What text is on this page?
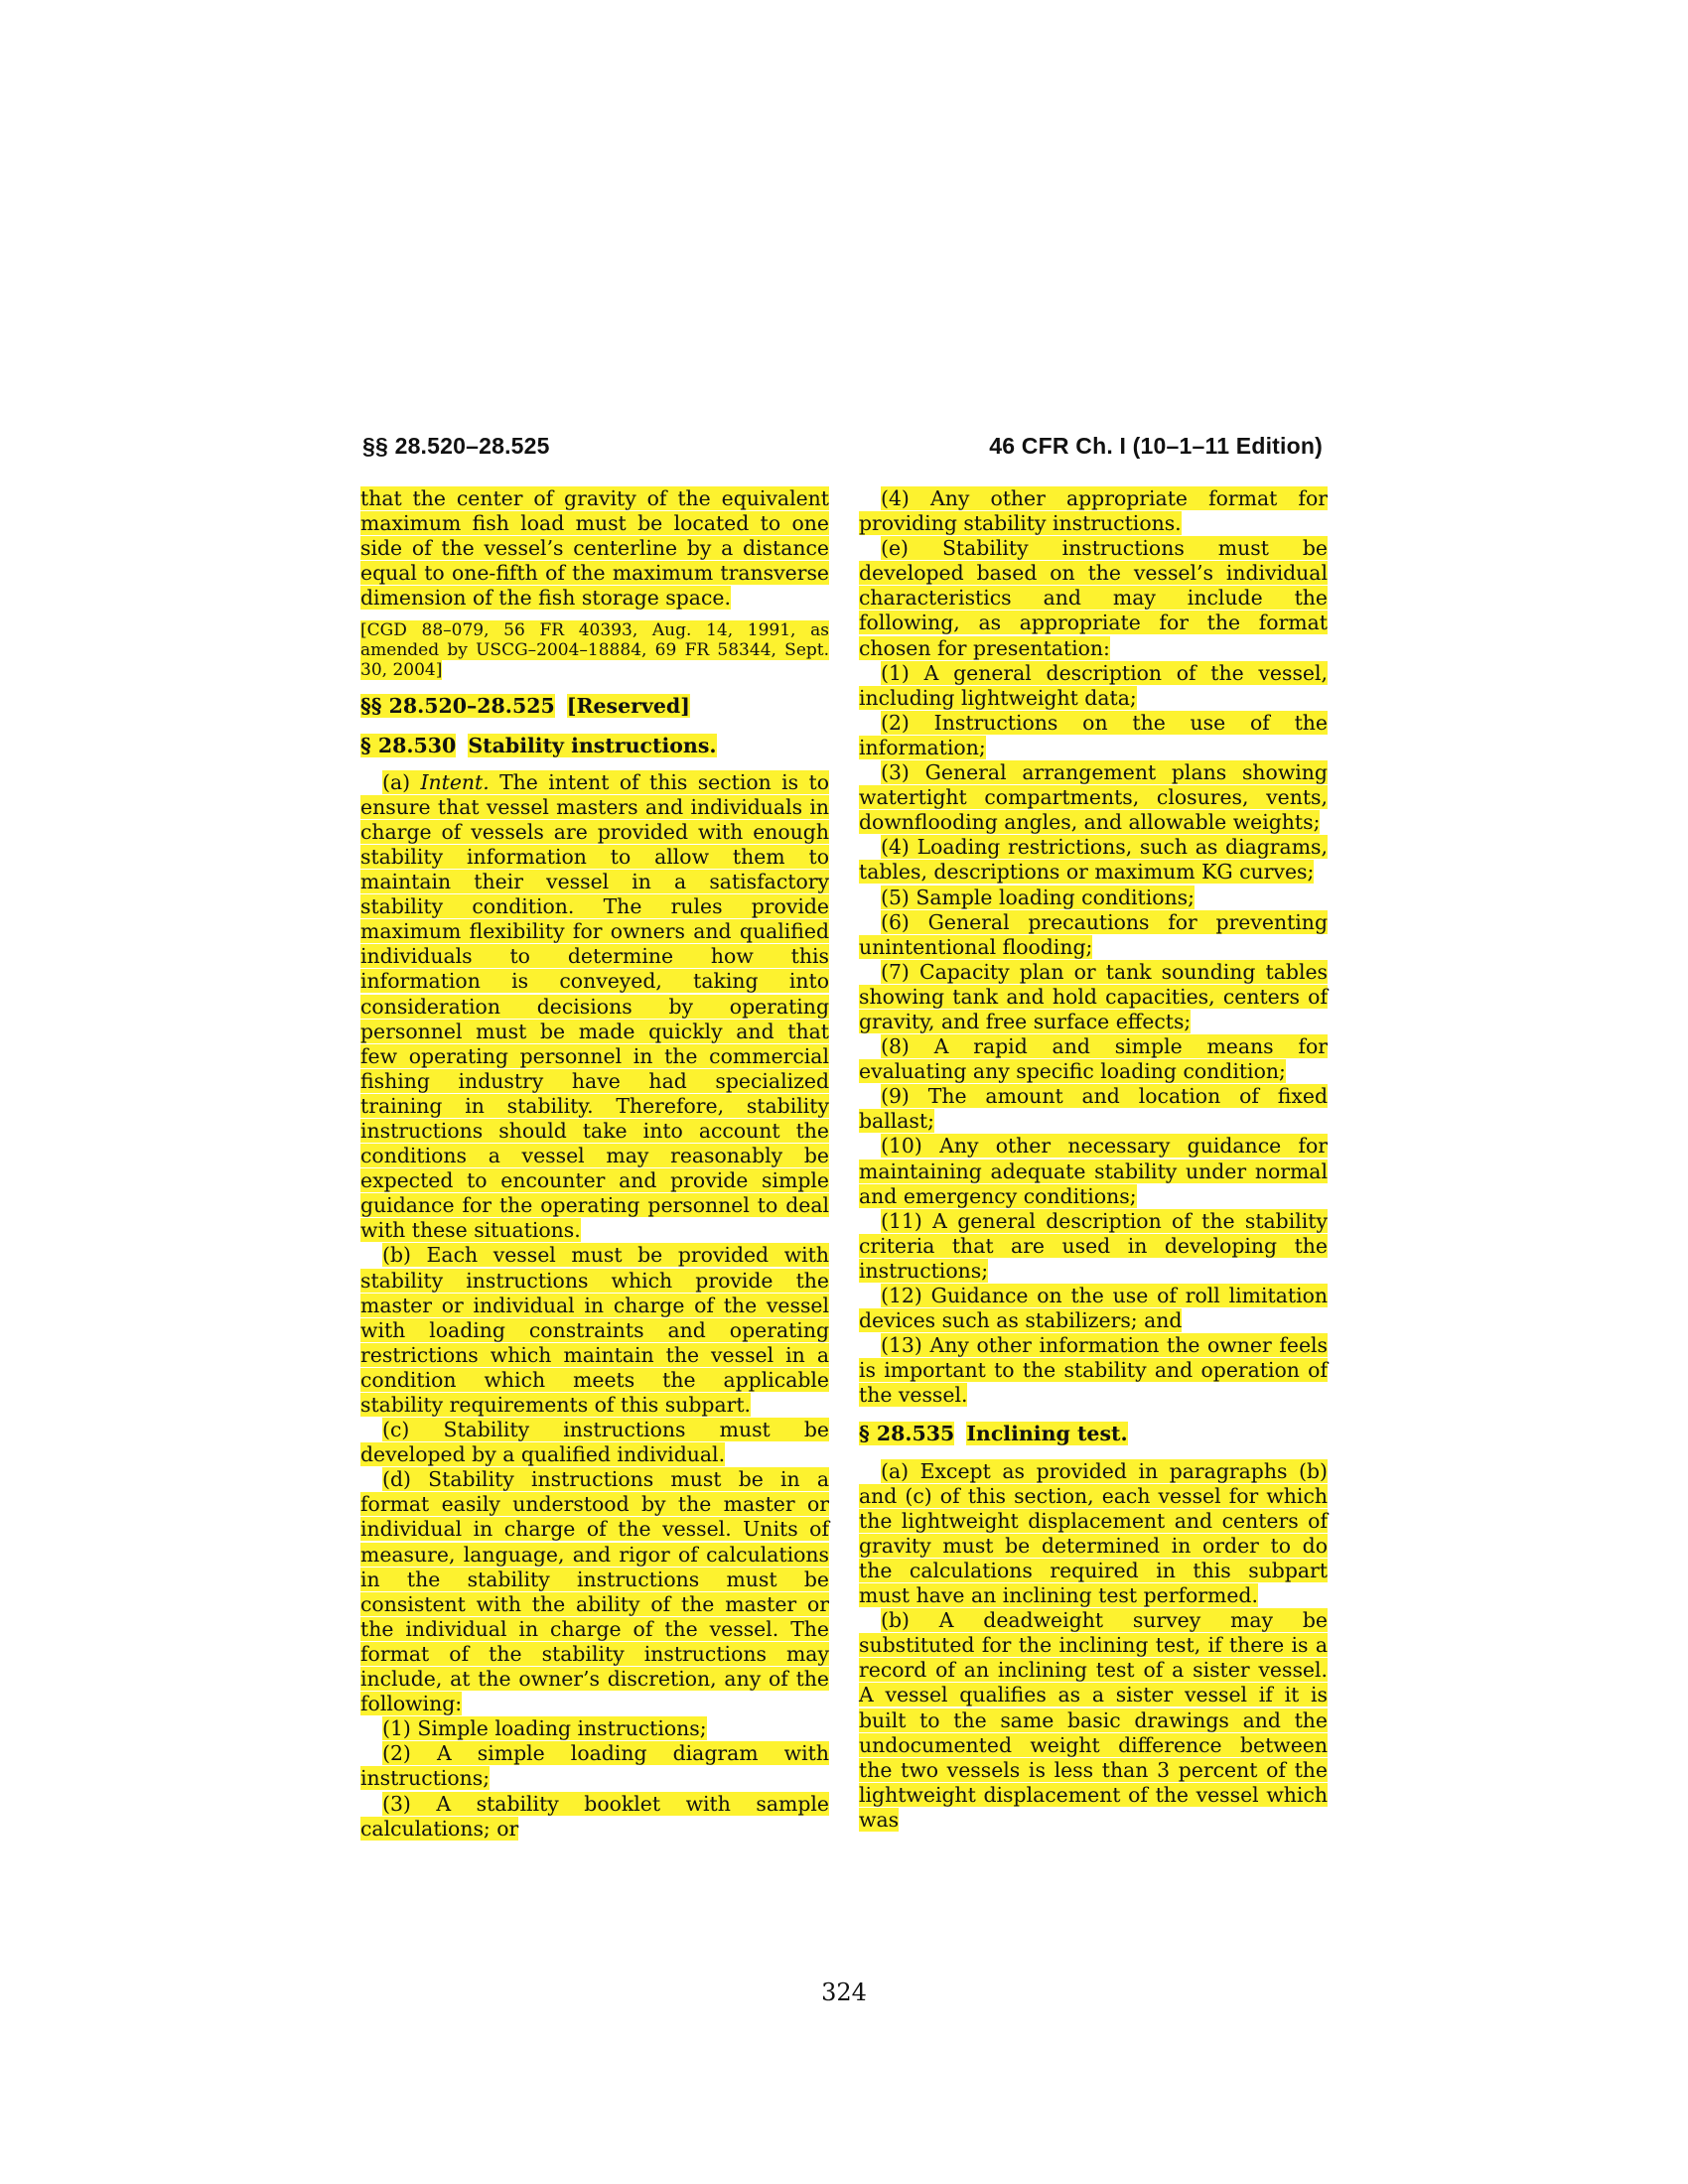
§§ 28.520–28.525	46 CFR Ch. I (10–1–11 Edition)

that the center of gravity of the equivalent maximum fish load must be located to one side of the vessel’s centerline by a distance equal to one-fifth of the maximum transverse dimension of the fish storage space.

[CGD 88–079, 56 FR 40393, Aug. 14, 1991, as amended by USCG–2004–18884, 69 FR 58344, Sept. 30, 2004]

§§ 28.520–28.525 [Reserved]

§ 28.530 Stability instructions.

(a) Intent. The intent of this section is to ensure that vessel masters and individuals in charge of vessels are provided with enough stability information to allow them to maintain their vessel in a satisfactory stability condition. The rules provide maximum flexibility for owners and qualified individuals to determine how this information is conveyed, taking into consideration decisions by operating personnel must be made quickly and that few operating personnel in the commercial fishing industry have had specialized training in stability. Therefore, stability instructions should take into account the conditions a vessel may reasonably be expected to encounter and provide simple guidance for the operating personnel to deal with these situations.

(b) Each vessel must be provided with stability instructions which provide the master or individual in charge of the vessel with loading constraints and operating restrictions which maintain the vessel in a condition which meets the applicable stability requirements of this subpart.

(c) Stability instructions must be developed by a qualified individual.

(d) Stability instructions must be in a format easily understood by the master or individual in charge of the vessel. Units of measure, language, and rigor of calculations in the stability instructions must be consistent with the ability of the master or the individual in charge of the vessel. The format of the stability instructions may include, at the owner’s discretion, any of the following:

(1) Simple loading instructions;

(2) A simple loading diagram with instructions;

(3) A stability booklet with sample calculations; or

(4) Any other appropriate format for providing stability instructions.

(e) Stability instructions must be developed based on the vessel’s individual characteristics and may include the following, as appropriate for the format chosen for presentation:

(1) A general description of the vessel, including lightweight data;

(2) Instructions on the use of the information;

(3) General arrangement plans showing watertight compartments, closures, vents, downflooding angles, and allowable weights;

(4) Loading restrictions, such as diagrams, tables, descriptions or maximum KG curves;

(5) Sample loading conditions;

(6) General precautions for preventing unintentional flooding;

(7) Capacity plan or tank sounding tables showing tank and hold capacities, centers of gravity, and free surface effects;

(8) A rapid and simple means for evaluating any specific loading condition;

(9) The amount and location of fixed ballast;

(10) Any other necessary guidance for maintaining adequate stability under normal and emergency conditions;

(11) A general description of the stability criteria that are used in developing the instructions;

(12) Guidance on the use of roll limitation devices such as stabilizers; and

(13) Any other information the owner feels is important to the stability and operation of the vessel.

§ 28.535 Inclining test.

(a) Except as provided in paragraphs (b) and (c) of this section, each vessel for which the lightweight displacement and centers of gravity must be determined in order to do the calculations required in this subpart must have an inclining test performed.

(b) A deadweight survey may be substituted for the inclining test, if there is a record of an inclining test of a sister vessel. A vessel qualifies as a sister vessel if it is built to the same basic drawings and the undocumented weight difference between the two vessels is less than 3 percent of the lightweight displacement of the vessel which was

324
